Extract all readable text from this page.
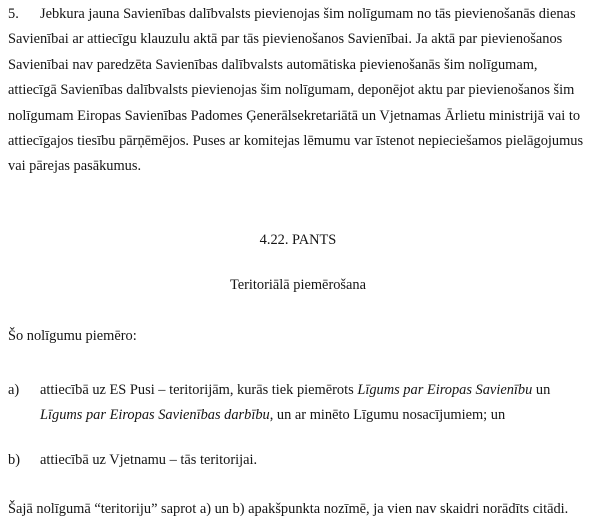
5. Jebkura jauna Savienības dalībvalsts pievienojas šim nolīgumam no tās pievienošanās dienas Savienībai ar attiecīgu klauzulu aktā par tās pievienošanos Savienībai. Ja aktā par pievienošanos Savienībai nav paredzēta Savienības dalībvalsts automātiska pievienošanās šim nolīgumam, attiecīgā Savienības dalībvalsts pievienojas šim nolīgumam, deponējot aktu par pievienošanos šim nolīgumam Eiropas Savienības Padomes Ģenerālsekretariātā un Vjetnamas Ārlietu ministrijā vai to attiecīgajos tiesību pārņēmējos. Puses ar komitejas lēmumu var īstenot nepieciešamos pielāgojumus vai pārejas pasākumus.

4.22. PANTS

Teritoriālā piemērošana

Šo nolīgumu piemēro:

a) attiecībā uz ES Pusi – teritorijām, kurās tiek piemērots Līgums par Eiropas Savienību un Līgums par Eiropas Savienības darbību, un ar minēto Līgumu nosacījumiem; un
b) attiecībā uz Vjetnamu – tās teritorijai.

Šajā nolīgumā “teritoriju” saprot a) un b) apakšpunkta nozīmē, ja vien nav skaidri norādīts citādi.
